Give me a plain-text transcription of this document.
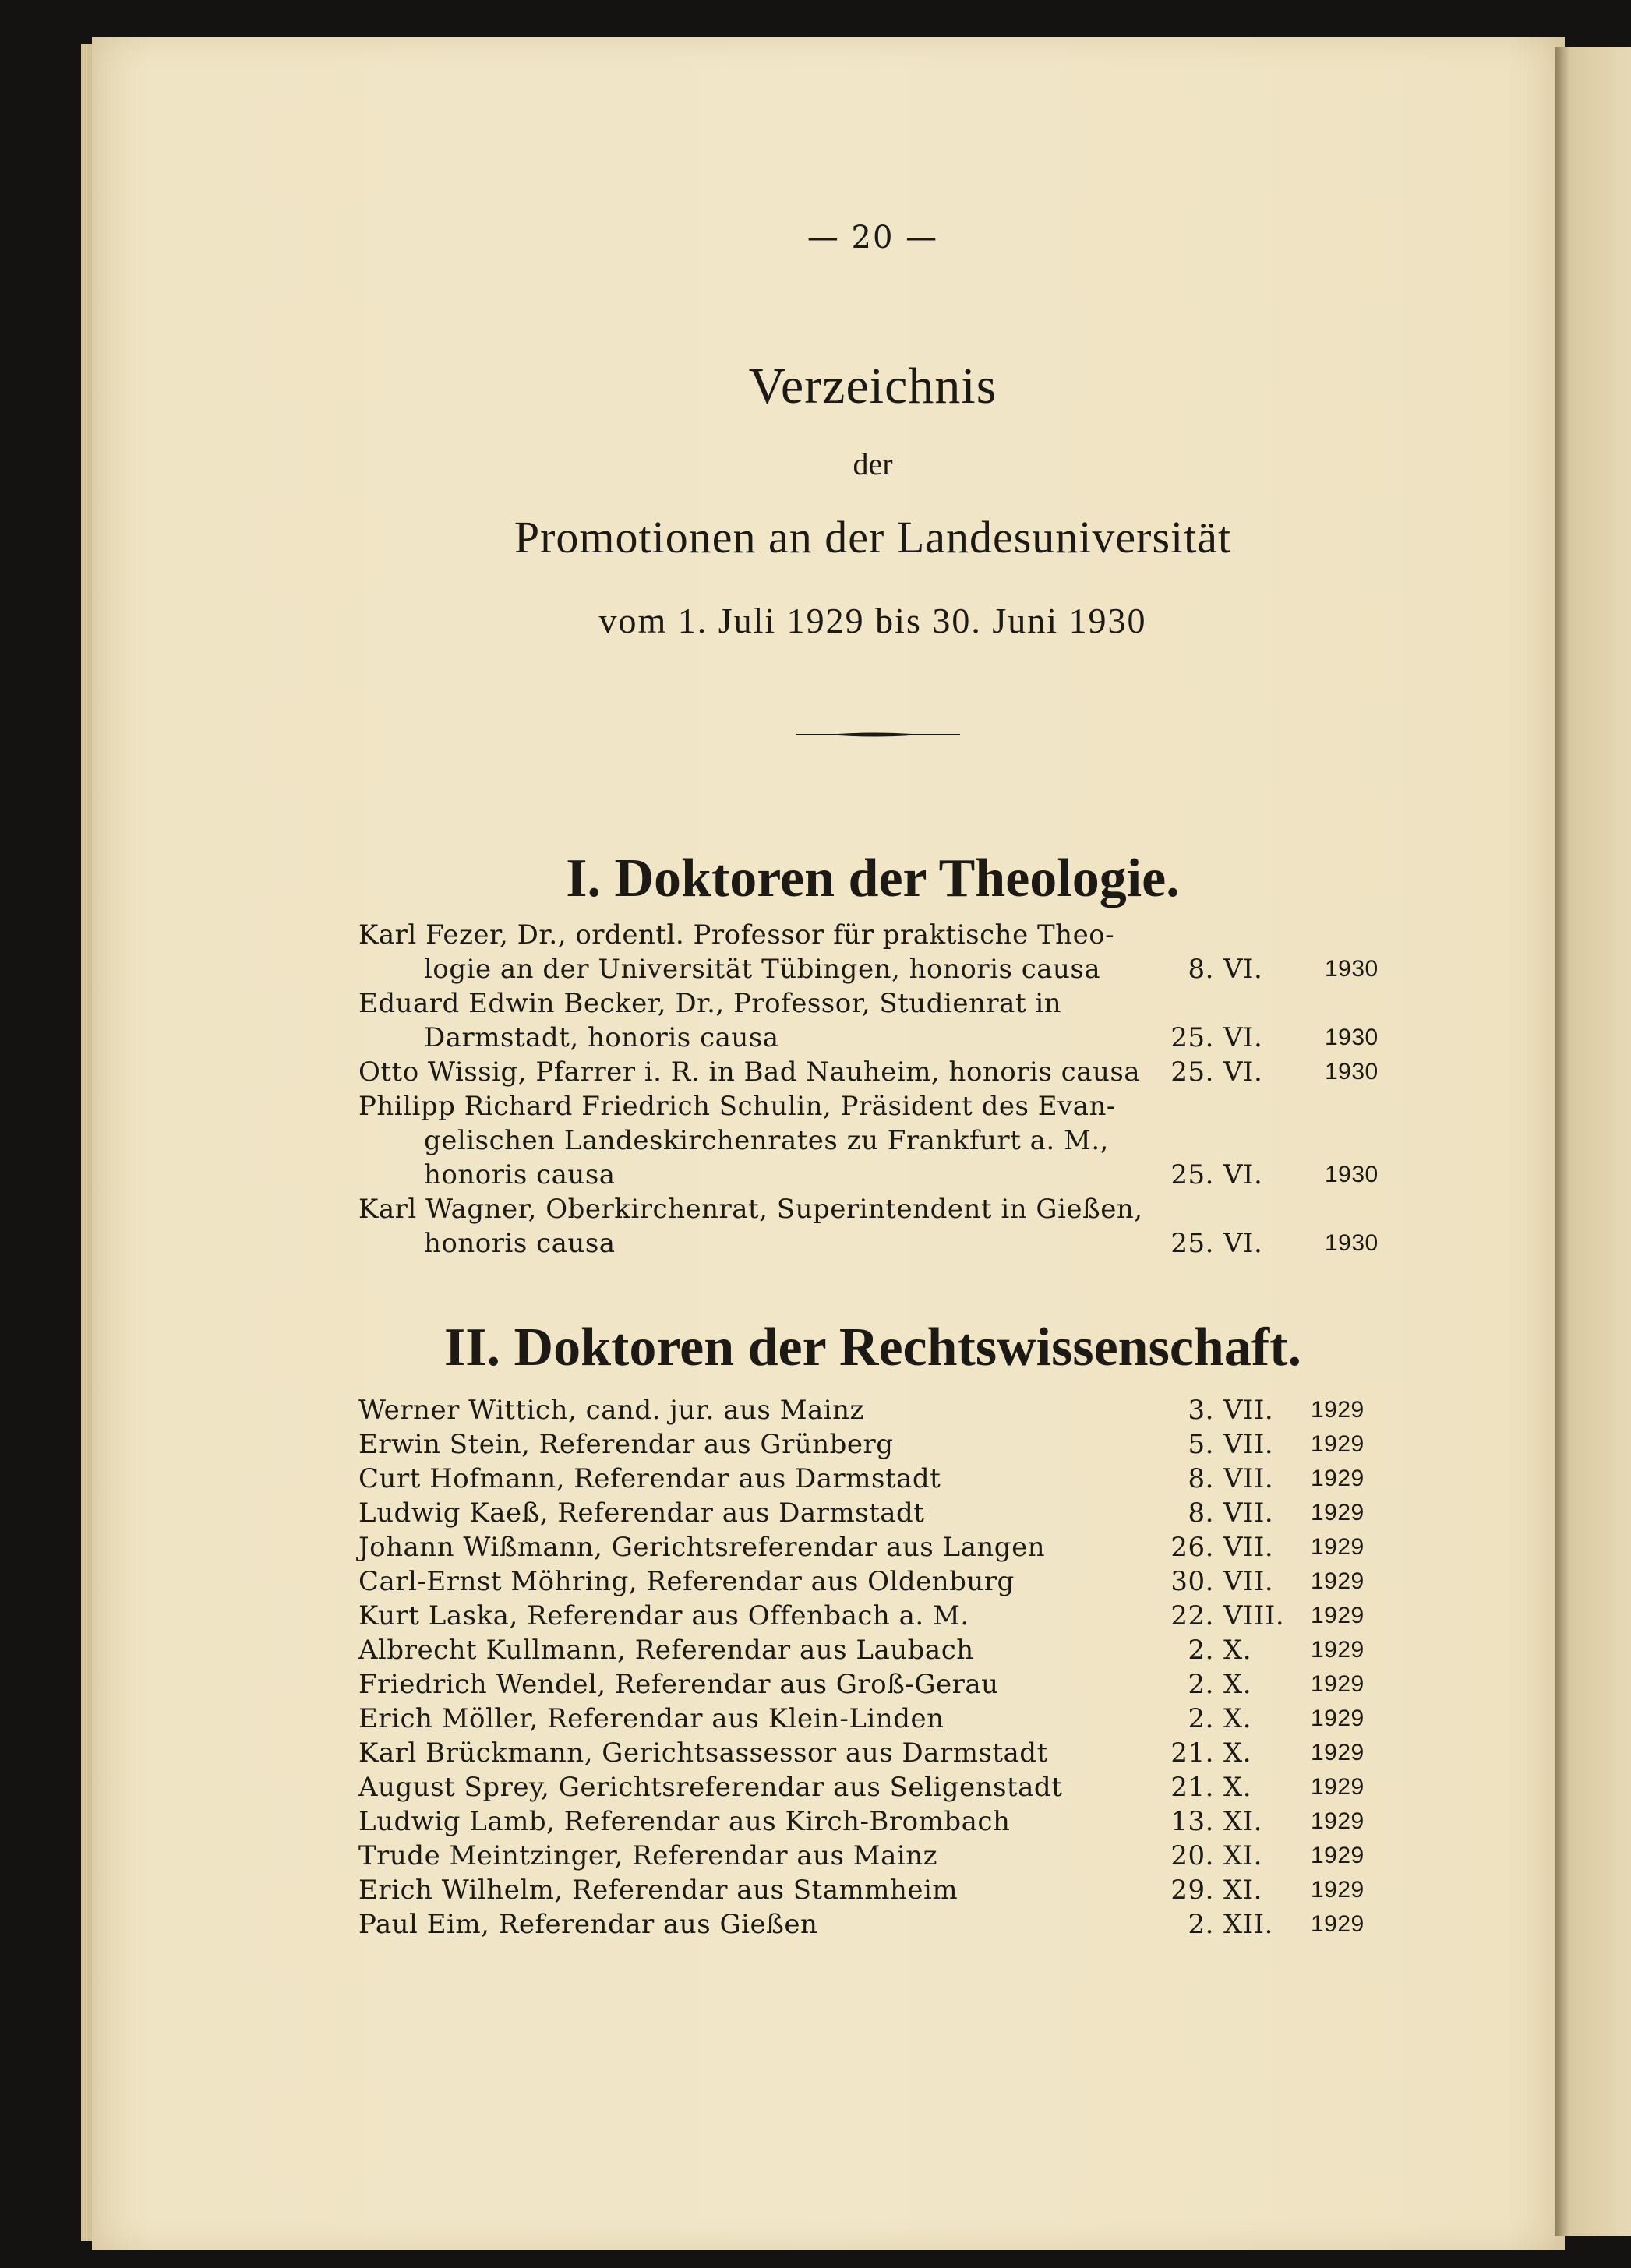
— 20 —
Verzeichnis
der
Promotionen an der Landesuniversität
vom 1. Juli 1929 bis 30. Juni 1930
I. Doktoren der Theologie.
Karl Fezer, Dr., ordentl. Professor für praktische Theo-
logie an der Universität Tübingen, honoris causa	8. VI.	1930
Eduard Edwin Becker, Dr., Professor, Studienrat in
Darmstadt, honoris causa	25. VI.	1930
Otto Wissig, Pfarrer i. R. in Bad Nauheim, honoris causa	25. VI.	1930
Philipp Richard Friedrich Schulin, Präsident des Evan-
gelischen Landeskirchenrates zu Frankfurt a. M.,
honoris causa	25. VI.	1930
Karl Wagner, Oberkirchenrat, Superintendent in Gießen,
honoris causa	25. VI.	1930
II. Doktoren der Rechtswissenschaft.
Werner Wittich, cand. jur. aus Mainz	3. VII. 1929
Erwin Stein, Referendar aus Grünberg	5. VII. 1929
Curt Hofmann, Referendar aus Darmstadt	8. VII. 1929
Ludwig Kaeß, Referendar aus Darmstadt	8. VII. 1929
Johann Wißmann, Gerichtsreferendar aus Langen	26. VII. 1929
Carl-Ernst Möhring, Referendar aus Oldenburg	30. VII. 1929
Kurt Laska, Referendar aus Offenbach a. M.	22. VIII. 1929
Albrecht Kullmann, Referendar aus Laubach	2. X.	1929
Friedrich Wendel, Referendar aus Groß-Gerau	2. X.	1929
Erich Möller, Referendar aus Klein-Linden	2. X.	1929
Karl Brückmann, Gerichtsassessor aus Darmstadt	21. X.	1929
August Sprey, Gerichtsreferendar aus Seligenstadt	21. X.	1929
Ludwig Lamb, Referendar aus Kirch-Brombach	13. XI. 1929
Trude Meintzinger, Referendar aus Mainz	20. XI. 1929
Erich Wilhelm, Referendar aus Stammheim	29. XI. 1929
Paul Eim, Referendar aus Gießen	2. XII. 1929
